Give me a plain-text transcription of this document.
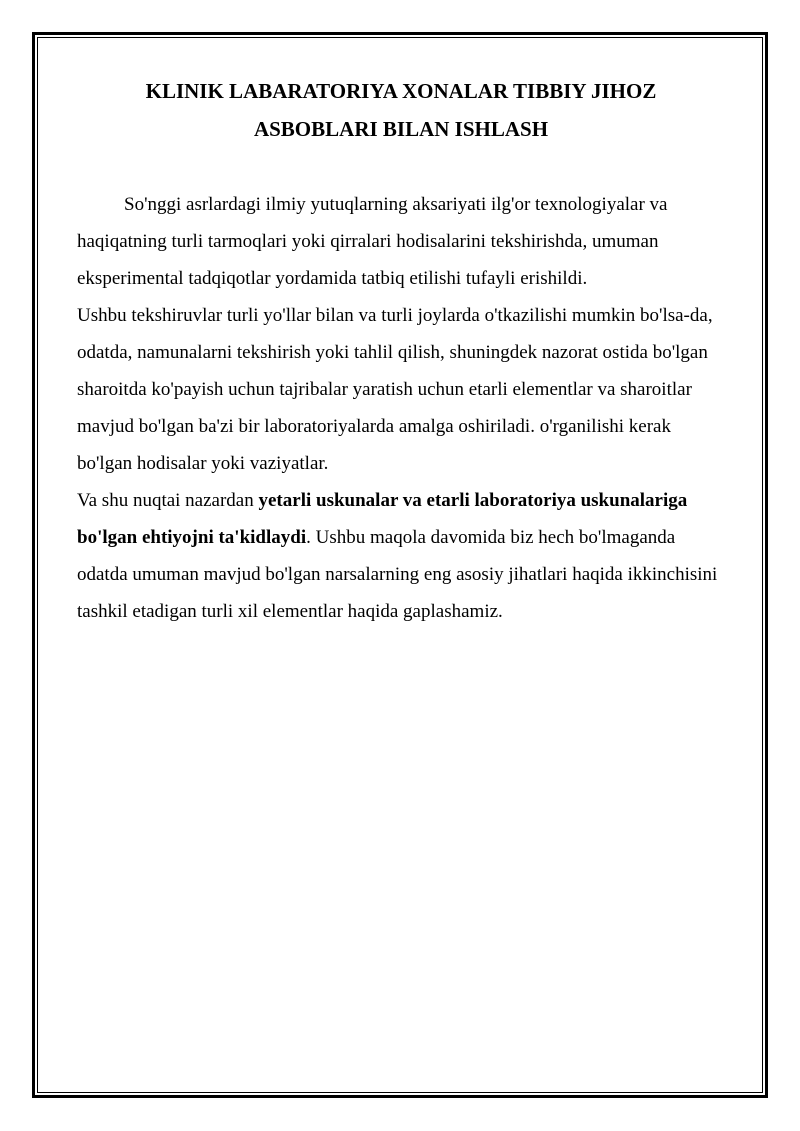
KLINIK LABARATORIYA XONALAR TIBBIY JIHOZ
ASBOBLARI BILAN ISHLASH

So'nggi asrlardagi ilmiy yutuqlarning aksariyati ilg'or texnologiyalar va haqiqatning turli tarmoqlari yoki qirralari hodisalarini tekshirishda, umuman eksperimental tadqiqotlar yordamida tatbiq etilishi tufayli erishildi.

Ushbu tekshiruvlar turli yo'llar bilan va turli joylarda o'tkazilishi mumkin bo'lsa-da, odatda, namunalarni tekshirish yoki tahlil qilish, shuningdek nazorat ostida bo'lgan sharoitda ko'payish uchun tajribalar yaratish uchun etarli elementlar va sharoitlar mavjud bo'lgan ba'zi bir laboratoriyalarda amalga oshiriladi. o'rganilishi kerak bo'lgan hodisalar yoki vaziyatlar.

Va shu nuqtai nazardan yetarli uskunalar va etarli laboratoriya uskunalariga bo'lgan ehtiyojni ta'kidlaydi. Ushbu maqola davomida biz hech bo'lmaganda odatda umuman mavjud bo'lgan narsalarning eng asosiy jihatlari haqida ikkinchisini tashkil etadigan turli xil elementlar haqida gaplashamiz.
